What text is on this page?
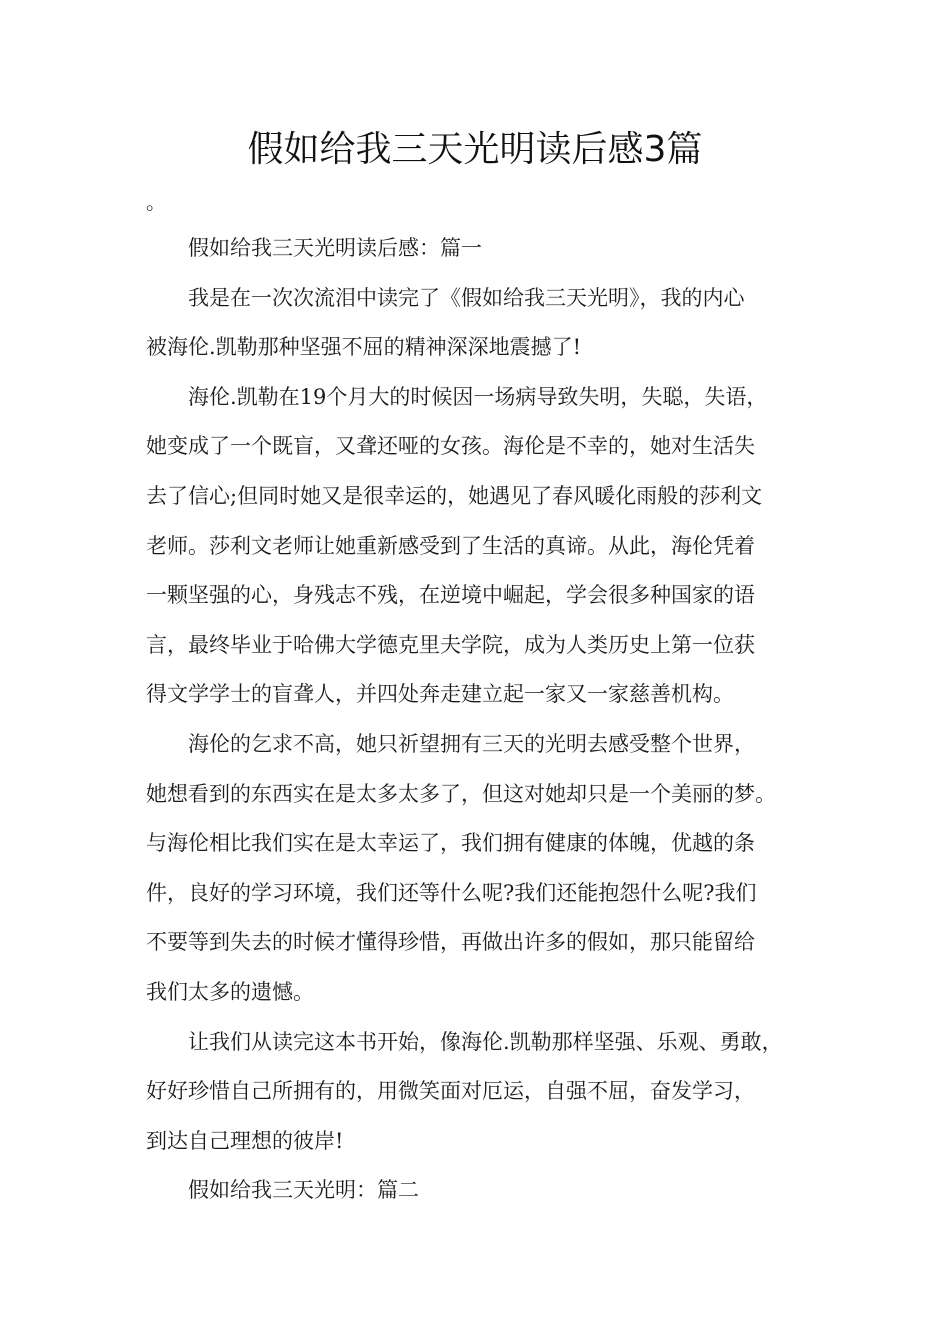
假如给我三天光明读后感3篇
。

假如给我三天光明读后感：篇一

我是在一次次流泪中读完了《假如给我三天光明》，我的内心
被海伦.凯勒那种坚强不屈的精神深深地震撼了!

海伦.凯勒在19个月大的时候因一场病导致失明，失聪，失语，
她变成了一个既盲，又聋还哑的女孩。海伦是不幸的，她对生活失
去了信心;但同时她又是很幸运的，她遇见了春风暖化雨般的莎利文
老师。莎利文老师让她重新感受到了生活的真谛。从此，海伦凭着
一颗坚强的心，身残志不残，在逆境中崛起，学会很多种国家的语
言，最终毕业于哈佛大学德克里夫学院，成为人类历史上第一位获
得文学学士的盲聋人，并四处奔走建立起一家又一家慈善机构。

海伦的乞求不高，她只祈望拥有三天的光明去感受整个世界，
她想看到的东西实在是太多太多了，但这对她却只是一个美丽的梦。
与海伦相比我们实在是太幸运了，我们拥有健康的体魄，优越的条
件，良好的学习环境，我们还等什么呢?我们还能抱怨什么呢?我们
不要等到失去的时候才懂得珍惜，再做出许多的假如，那只能留给
我们太多的遗憾。

让我们从读完这本书开始，像海伦.凯勒那样坚强、乐观、勇敢，
好好珍惜自己所拥有的，用微笑面对厄运，自强不屈，奋发学习，
到达自己理想的彼岸!

假如给我三天光明：篇二
